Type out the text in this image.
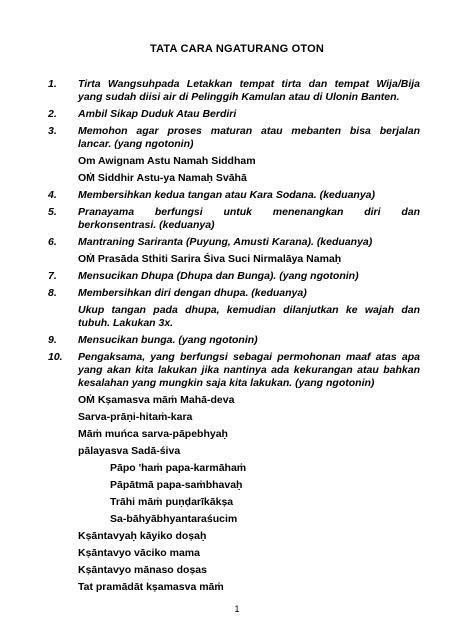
TATA CARA NGATURANG OTON
1. Tirta Wangsuhpada Letakkan tempat tirta dan tempat Wija/Bija
yang sudah diisi air di Pelinggih Kamulan atau di Ulonin Banten.
2. Ambil Sikap Duduk Atau Berdiri
3. Memohon agar proses maturan atau mebanten bisa berjalan
lancar. (yang ngotonin)
Om Awignam Astu Namah Siddham
OṀ Siddhir Astu-ya Namaḥ Svāhā
4. Membersihkan kedua tangan atau Kara Sodana. (keduanya)
5. Pranayama berfungsi untuk menenangkan diri dan
berkonsentrasi. (keduanya)
6. Mantraning Sariranta (Puyung, Amusti Karana). (keduanya)
OṀ Prasāda Sthiti Sarira Śiva Suci Nirmalāya Namaḥ
7. Mensucikan Dhupa (Dhupa dan Bunga). (yang ngotonin)
8. Membersihkan diri dengan dhupa. (keduanya)
Ukup tangan pada dhupa, kemudian dilanjutkan ke wajah dan
tubuh. Lakukan 3x.
9. Mensucikan bunga. (yang ngotonin)
10. Pengaksama, yang berfungsi sebagai permohonan maaf atas apa
yang akan kita lakukan jika nantinya ada kekurangan atau bahkan
kesalahan yang mungkin saja kita lakukan. (yang ngotonin)
OṀ Kṣamasva māṁ Mahā-deva
Sarva-prāṇi-hitaṁ-kara
Māṁ muńca sarva-pāpebhyaḥ
pālayasva Sadā-śiva
Pāpo 'haṁ papa-karmāhaṁ
Pāpātmā papa-saṁbhavaḥ
Trāhi māṁ puṇḍarīkākṣa
Sa-bāhyābhyantaraśucim
Kṣāntavyaḥ kāyiko doṣaḥ
Kṣāntavyo vāciko mama
Kṣāntavyo mānaso doṣas
Tat pramādāt kṣamasva māṁ
1
